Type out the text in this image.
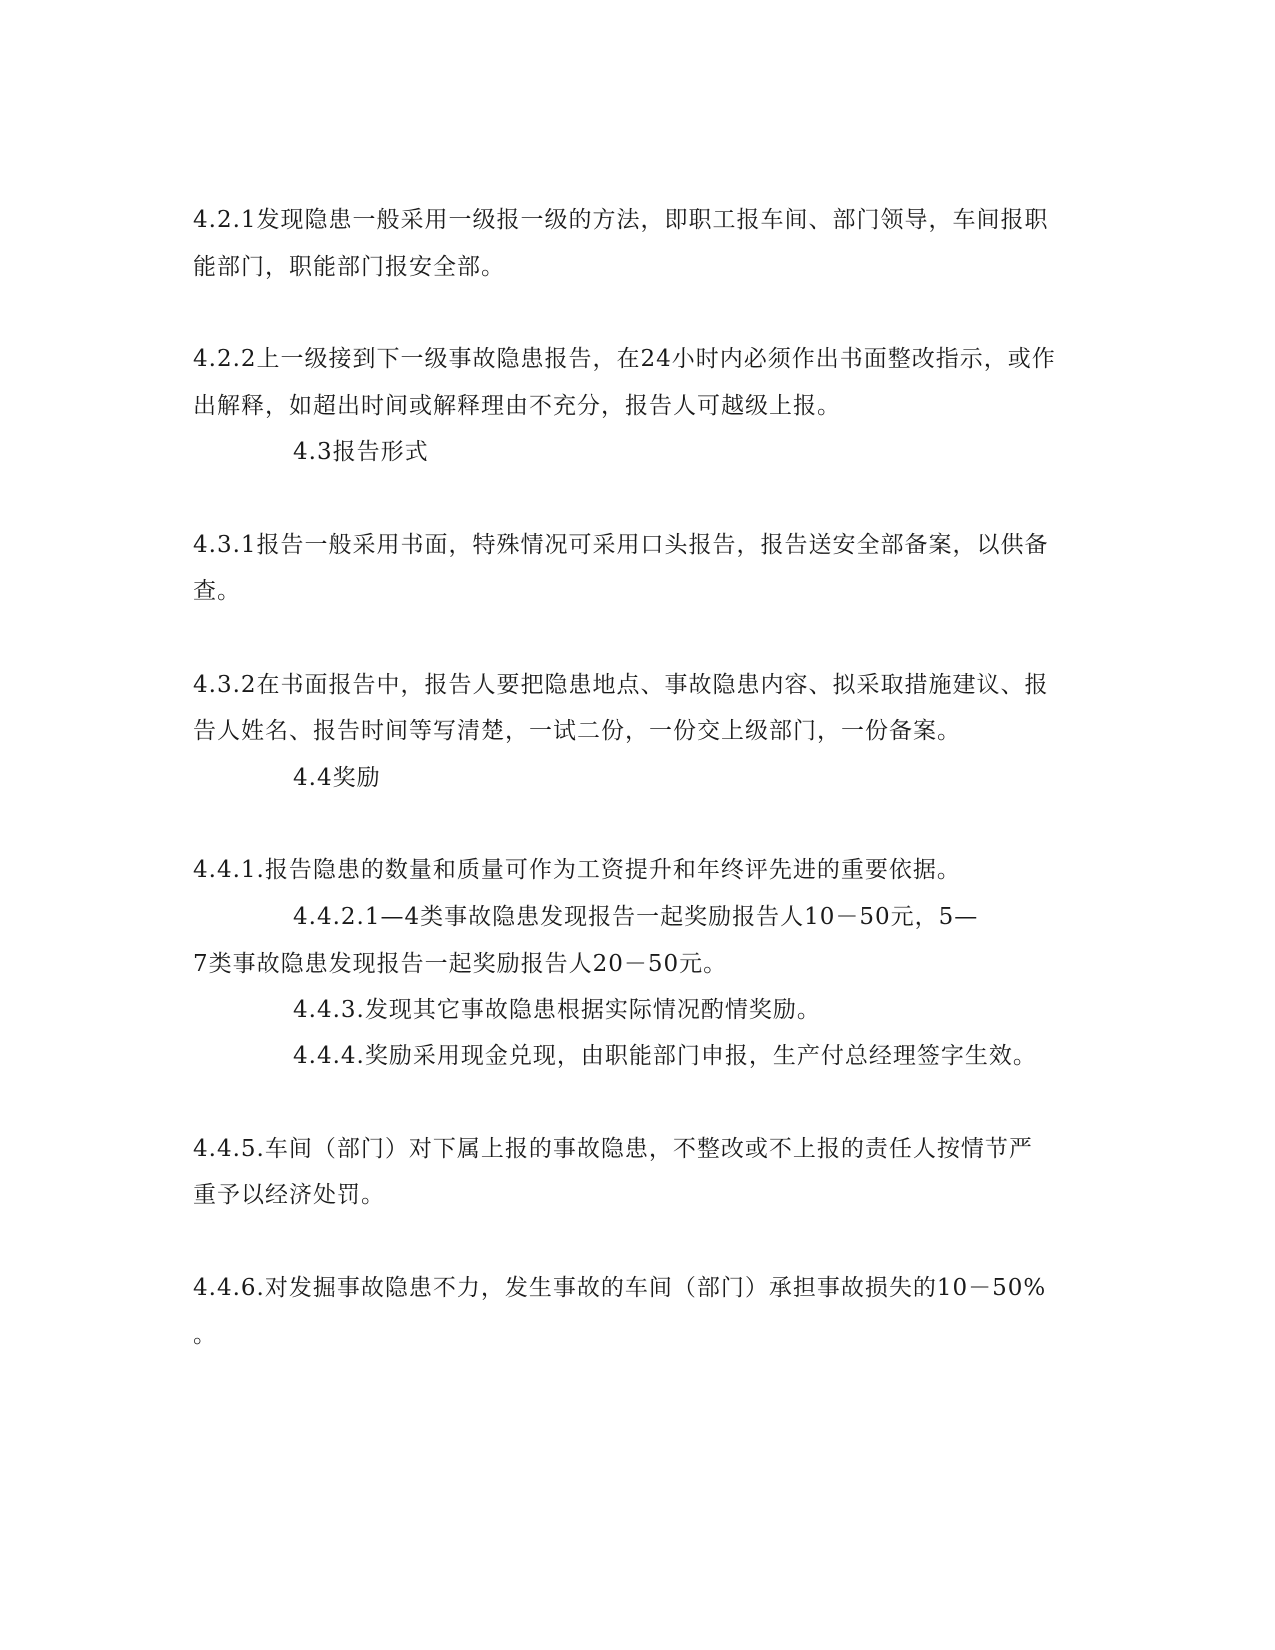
4.2.1发现隐患一般采用一级报一级的方法，即职工报车间、部门领导，车间报职
能部门，职能部门报安全部。
4.2.2上一级接到下一级事故隐患报告，在24小时内必须作出书面整改指示，或作
出解释，如超出时间或解释理由不充分，报告人可越级上报。
4.3报告形式
4.3.1报告一般采用书面，特殊情况可采用口头报告，报告送安全部备案，以供备
查。
4.3.2在书面报告中，报告人要把隐患地点、事故隐患内容、拟采取措施建议、报
告人姓名、报告时间等写清楚，一试二份，一份交上级部门，一份备案。
4.4奖励
4.4.1.报告隐患的数量和质量可作为工资提升和年终评先进的重要依据。
4.4.2.1—4类事故隐患发现报告一起奖励报告人10－50元，5—
7类事故隐患发现报告一起奖励报告人20－50元。
4.4.3.发现其它事故隐患根据实际情况酌情奖励。
4.4.4.奖励采用现金兑现，由职能部门申报，生产付总经理签字生效。
4.4.5.车间（部门）对下属上报的事故隐患，不整改或不上报的责任人按情节严
重予以经济处罚。
4.4.6.对发掘事故隐患不力，发生事故的车间（部门）承担事故损失的10－50%
。
